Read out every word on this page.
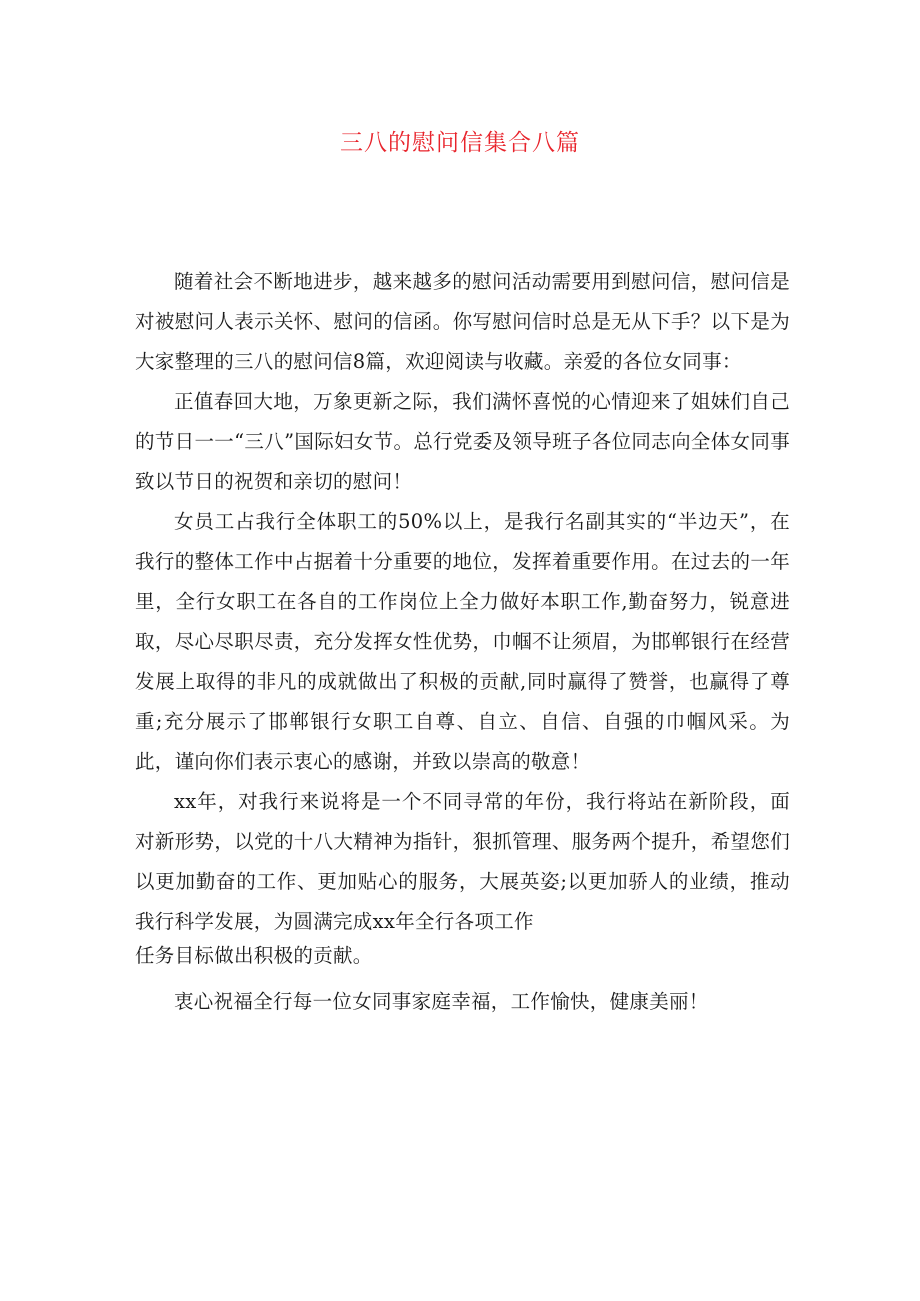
三八的慰问信集合八篇

随着社会不断地进步，越来越多的慰问活动需要用到慰问信，慰问信是对被慰问人表示关怀、慰问的信函。你写慰问信时总是无从下手？以下是为大家整理的三八的慰问信8篇，欢迎阅读与收藏。亲爱的各位女同事：

正值春回大地，万象更新之际，我们满怀喜悦的心情迎来了姐妹们自己的节日一一“三八”国际妇女节。总行党委及领导班子各位同志向全体女同事致以节日的祝贺和亲切的慰问！

女员工占我行全体职工的50%以上，是我行名副其实的“半边天”，在我行的整体工作中占据着十分重要的地位，发挥着重要作用。在过去的一年里，全行女职工在各自的工作岗位上全力做好本职工作,勤奋努力，锐意进取，尽心尽职尽责，充分发挥女性优势，巾帼不让须眉，为邯郸银行在经营发展上取得的非凡的成就做出了积极的贡献,同时赢得了赞誉，也赢得了尊重;充分展示了邯郸银行女职工自尊、自立、自信、自强的巾帼风采。为此，谨向你们表示衷心的感谢，并致以崇高的敬意！

xx年，对我行来说将是一个不同寻常的年份，我行将站在新阶段，面对新形势，以党的十八大精神为指针，狠抓管理、服务两个提升，希望您们以更加勤奋的工作、更加贴心的服务，大展英姿;以更加骄人的业绩，推动我行科学发展，为圆满完成xx年全行各项工作

任务目标做出积极的贡献。

衷心祝福全行每一位女同事家庭幸福，工作愉快，健康美丽！
